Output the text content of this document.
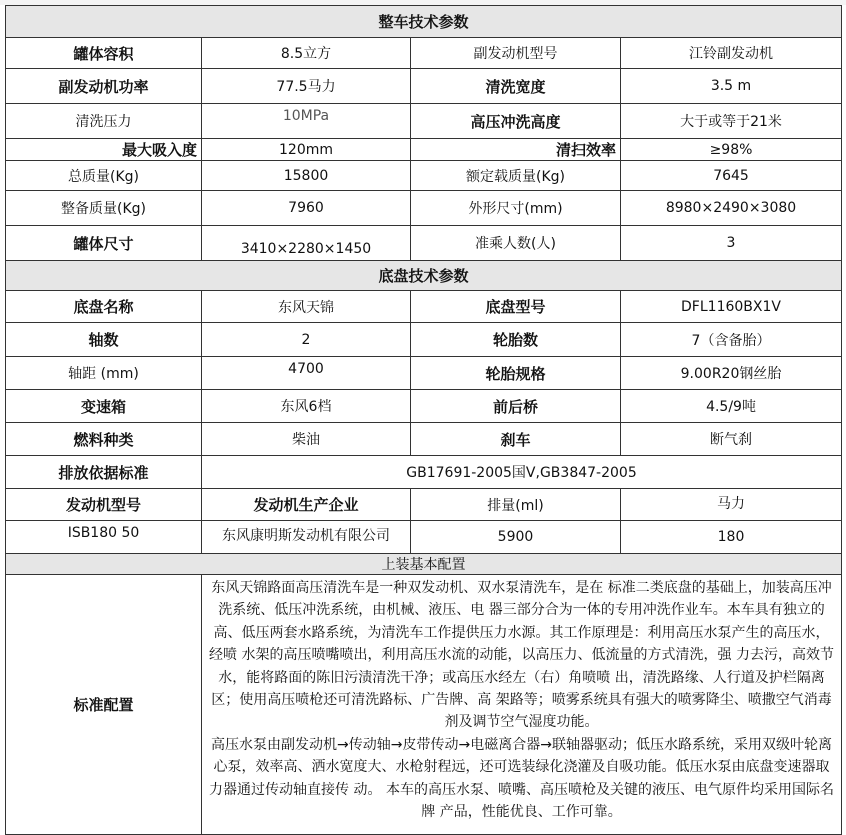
整车技术参数			
罐体容积	8.5立方	副发动机型号	江铃副发动机
副发动机功率	77.5马力	清洗宽度	3.5 m
清洗压力	10MPa	高压冲洗高度	大于或等于21米
最大吸入度	120mm	清扫效率	≥98%
总质量(Kg)	15800	额定载质量(Kg)	7645
整备质量(Kg)	7960	外形尺寸(mm)	8980×2490×3080
罐体尺寸	3410×2280×1450	准乘人数(人)	3
底盘技术参数			
底盘名称	东风天锦	底盘型号	DFL1160BX1V
轴数	2	轮胎数	7（含备胎）
轴距 (mm)	4700	轮胎规格	9.00R20钢丝胎
变速箱	东风6档	前后桥	4.5/9吨
燃料种类	柴油	刹车	断气刹
排放依据标准	GB17691-2005国Ⅴ,GB3847-2005		
发动机型号	发动机生产企业	排量(ml)	马力
ISB180 50	东风康明斯发动机有限公司	5900	180
上装基本配置			
标准配置	东风天锦路面高压清洗车是一种双发动机、双水泵清洗车，是在 标准二类底盘的基础上，加装高压冲洗系统、低压冲洗系统，由机械、液压、电 器三部分合为一体的专用冲洗作业车。本车具有独立的高、低压两套水路系统，为清洗车工作提供压力水源。其工作原理是：利用高压水泵产生的高压水，经喷 水架的高压喷嘴喷出，利用高压水流的动能，以高压力、低流量的方式清洗，强 力去污，高效节水，能将路面的陈旧污渍清洗干净；或高压水经左（右）角喷喷 出，清洗路缘、人行道及护栏隔离区；使用高压喷枪还可清洗路标、广告牌、高 架路等；喷雾系统具有强大的喷雾降尘、喷撒空气消毒剂及调节空气湿度功能。

高压水泵由副发动机→传动轴→皮带传动→电磁离合器→联轴器驱动；低压水路系统，采用双级叶轮离心泵，效率高、洒水宽度大、水枪射程远，还可选装绿化浇灌及自吸功能。低压水泵由底盘变速器取力器通过传动轴直接传 动。 本车的高压水泵、喷嘴、高压喷枪及关键的液压、电气原件均采用国际名牌 产品，性能优良、工作可靠。		
